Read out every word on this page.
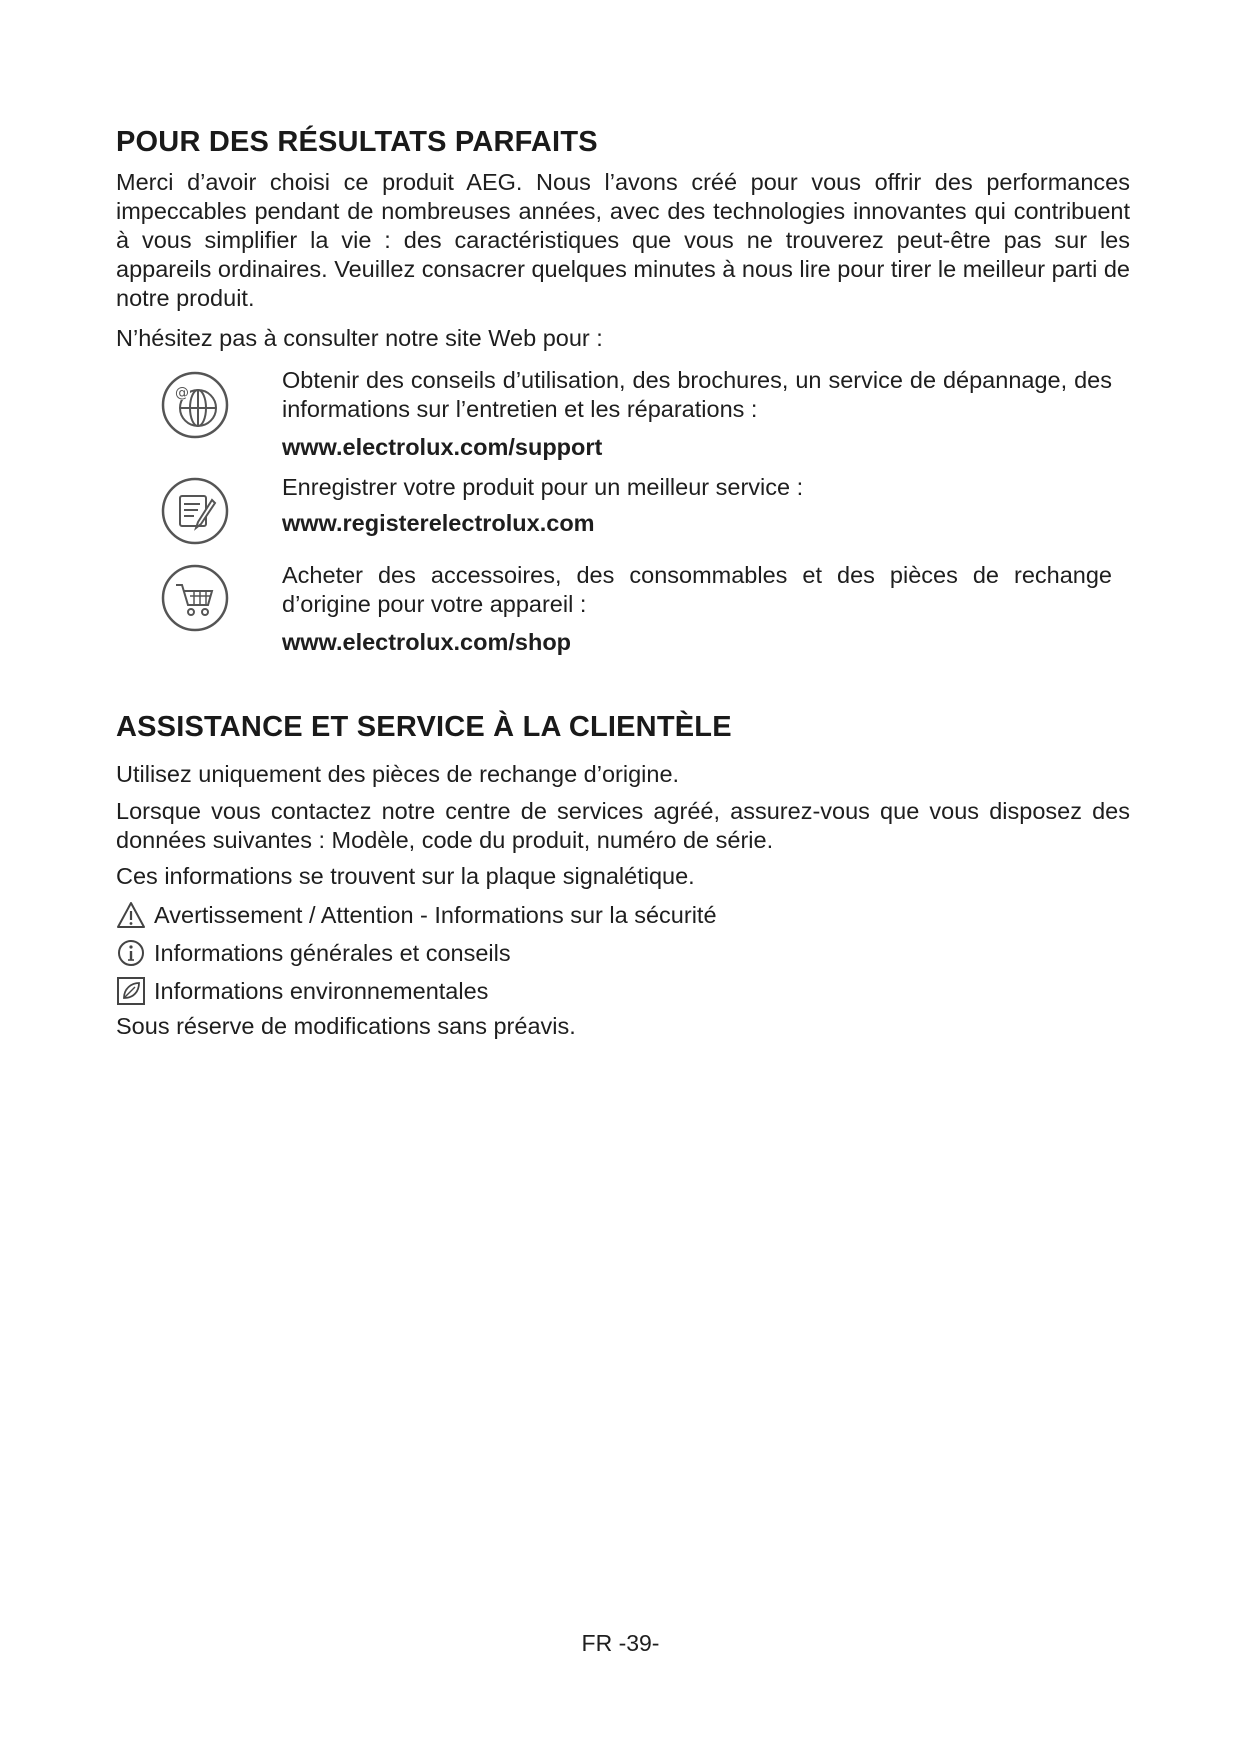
POUR DES RÉSULTATS PARFAITS

Merci d’avoir choisi ce produit AEG. Nous l’avons créé pour vous offrir des performances impeccables pendant de nombreuses années, avec des technologies innovantes qui contribuent à vous simplifier la vie : des caractéristiques que vous ne trouverez peut-être pas sur les appareils ordinaires. Veuillez consacrer quelques minutes à nous lire pour tirer le meilleur parti de notre produit.

N’hésitez pas à consulter notre site Web pour :

@	Obtenir des conseils d’utilisation, des brochures, un service de dépannage, des informations sur l’entretien et les réparations :

www.electrolux.com/support

Enregistrer votre produit pour un meilleur service :

www.registerelectrolux.com

Acheter des accessoires, des consommables et des pièces de rechange d’origine pour votre appareil :

www.electrolux.com/shop

ASSISTANCE ET SERVICE À LA CLIENTÈLE

Utilisez uniquement des pièces de rechange d’origine.

Lorsque vous contactez notre centre de services agréé, assurez-vous que vous disposez des données suivantes : Modèle, code du produit, numéro de série.

Ces informations se trouvent sur la plaque signalétique.

Avertissement / Attention - Informations sur la sécurité

Informations générales et conseils

Informations environnementales

Sous réserve de modifications sans préavis.

FR -39-
